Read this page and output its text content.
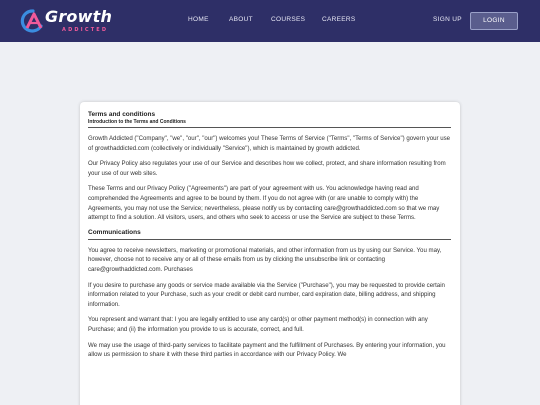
Growth
ADDICTED
HOME	ABOUT	COURSES	CAREERS	SIGN UP	LOGIN
Terms and conditions
Introduction to the Terms and Conditions

Growth Addicted ("Company", "we", "our", "our") welcomes you! These Terms of Service ("Terms", "Terms of Service") govern your use of growthaddicted.com (collectively or individually "Service"), which is maintained by growth addicted.

Our Privacy Policy also regulates your use of our Service and describes how we collect, protect, and share information resulting from your use of our web sites.

These Terms and our Privacy Policy ("Agreements") are part of your agreement with us. You acknowledge having read and comprehended the Agreements and agree to be bound by them. If you do not agree with (or are unable to comply with) the Agreements, you may not use the Service; nevertheless, please notify us by contacting care@growthaddicted.com so that we may attempt to find a solution. All visitors, users, and others who seek to access or use the Service are subject to these Terms.

Communications

You agree to receive newsletters, marketing or promotional materials, and other information from us by using our Service. You may, however, choose not to receive any or all of these emails from us by clicking the unsubscribe link or contacting care@growthaddicted.com. Purchases

If you desire to purchase any goods or service made available via the Service ("Purchase"), you may be requested to provide certain information related to your Purchase, such as your credit or debit card number, card expiration date, billing address, and shipping information.

You represent and warrant that: I you are legally entitled to use any card(s) or other payment method(s) in connection with any Purchase; and (ii) the information you provide to us is accurate, correct, and full.

We may use the usage of third-party services to facilitate payment and the fulfillment of Purchases. By entering your information, you allow us permission to share it with these third parties in accordance with our Privacy Policy. We
